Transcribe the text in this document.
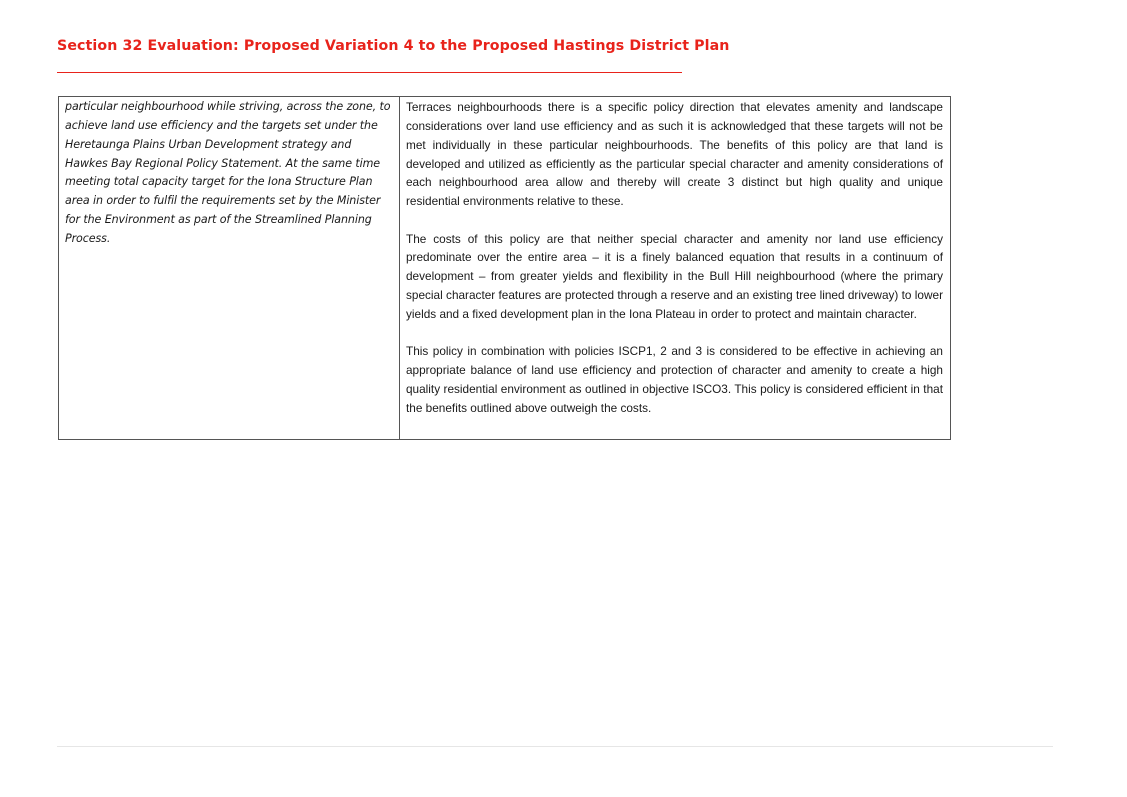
Section 32 Evaluation: Proposed Variation 4 to the Proposed Hastings District Plan

particular neighbourhood while striving, across the zone, to achieve land use efficiency and the targets set under the Heretaunga Plains Urban Development strategy and Hawkes Bay Regional Policy Statement. At the same time meeting total capacity target for the Iona Structure Plan area in order to fulfil the requirements set by the Minister for the Environment as part of the Streamlined Planning Process.

Terraces neighbourhoods there is a specific policy direction that elevates amenity and landscape considerations over land use efficiency and as such it is acknowledged that these targets will not be met individually in these particular neighbourhoods. The benefits of this policy are that land is developed and utilized as efficiently as the particular special character and amenity considerations of each neighbourhood area allow and thereby will create 3 distinct but high quality and unique residential environments relative to these.

The costs of this policy are that neither special character and amenity nor land use efficiency predominate over the entire area – it is a finely balanced equation that results in a continuum of development – from greater yields and flexibility in the Bull Hill neighbourhood (where the primary special character features are protected through a reserve and an existing tree lined driveway) to lower yields and a fixed development plan in the Iona Plateau in order to protect and maintain character.

This policy in combination with policies ISCP1, 2 and 3 is considered to be effective in achieving an appropriate balance of land use efficiency and protection of character and amenity to create a high quality residential environment as outlined in objective ISCO3. This policy is considered efficient in that the benefits outlined above outweigh the costs.
